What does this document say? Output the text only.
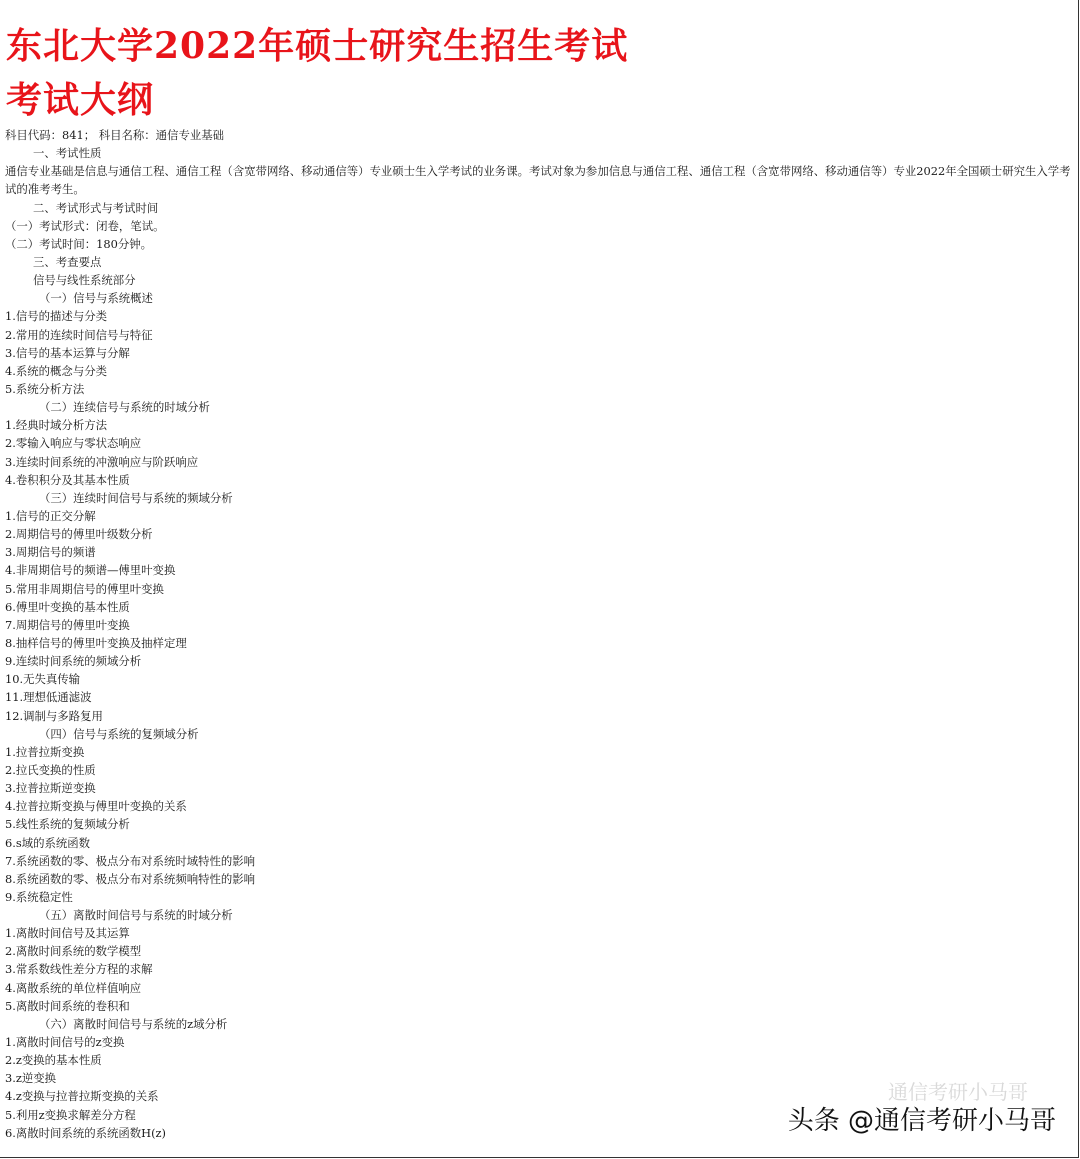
东北大学2022年硕士研究生招生考试
考试大纲
科目代码：841； 科目名称：通信专业基础
一、考试性质
通信专业基础是信息与通信工程、通信工程（含宽带网络、移动通信等）专业硕士生入学考试的业务课。考试对象为参加信息与通信工程、通信工程（含宽带网络、移动通信等）专业2022年全国硕士研究生入学考试的准考考生。
二、考试形式与考试时间
（一）考试形式：闭卷，笔试。
（二）考试时间：180分钟。
三、考查要点
信号与线性系统部分
（一）信号与系统概述
1.信号的描述与分类
2.常用的连续时间信号与特征
3.信号的基本运算与分解
4.系统的概念与分类
5.系统分析方法
（二）连续信号与系统的时域分析
1.经典时域分析方法
2.零输入响应与零状态响应
3.连续时间系统的冲激响应与阶跃响应
4.卷积积分及其基本性质
（三）连续时间信号与系统的频域分析
1.信号的正交分解
2.周期信号的傅里叶级数分析
3.周期信号的频谱
4.非周期信号的频谱—傅里叶变换
5.常用非周期信号的傅里叶变换
6.傅里叶变换的基本性质
7.周期信号的傅里叶变换
8.抽样信号的傅里叶变换及抽样定理
9.连续时间系统的频域分析
10.无失真传输
11.理想低通滤波
12.调制与多路复用
（四）信号与系统的复频域分析
1.拉普拉斯变换
2.拉氏变换的性质
3.拉普拉斯逆变换
4.拉普拉斯变换与傅里叶变换的关系
5.线性系统的复频域分析
6.s域的系统函数
7.系统函数的零、极点分布对系统时域特性的影响
8.系统函数的零、极点分布对系统频响特性的影响
9.系统稳定性
（五）离散时间信号与系统的时域分析
1.离散时间信号及其运算
2.离散时间系统的数学模型
3.常系数线性差分方程的求解
4.离散系统的单位样值响应
5.离散时间系统的卷积和
（六）离散时间信号与系统的z域分析
1.离散时间信号的z变换
2.z变换的基本性质
3.z逆变换
4.z变换与拉普拉斯变换的关系
5.利用z变换求解差分方程
6.离散时间系统的系统函数H(z)
通信考研小马哥
头条 @通信考研小马哥
